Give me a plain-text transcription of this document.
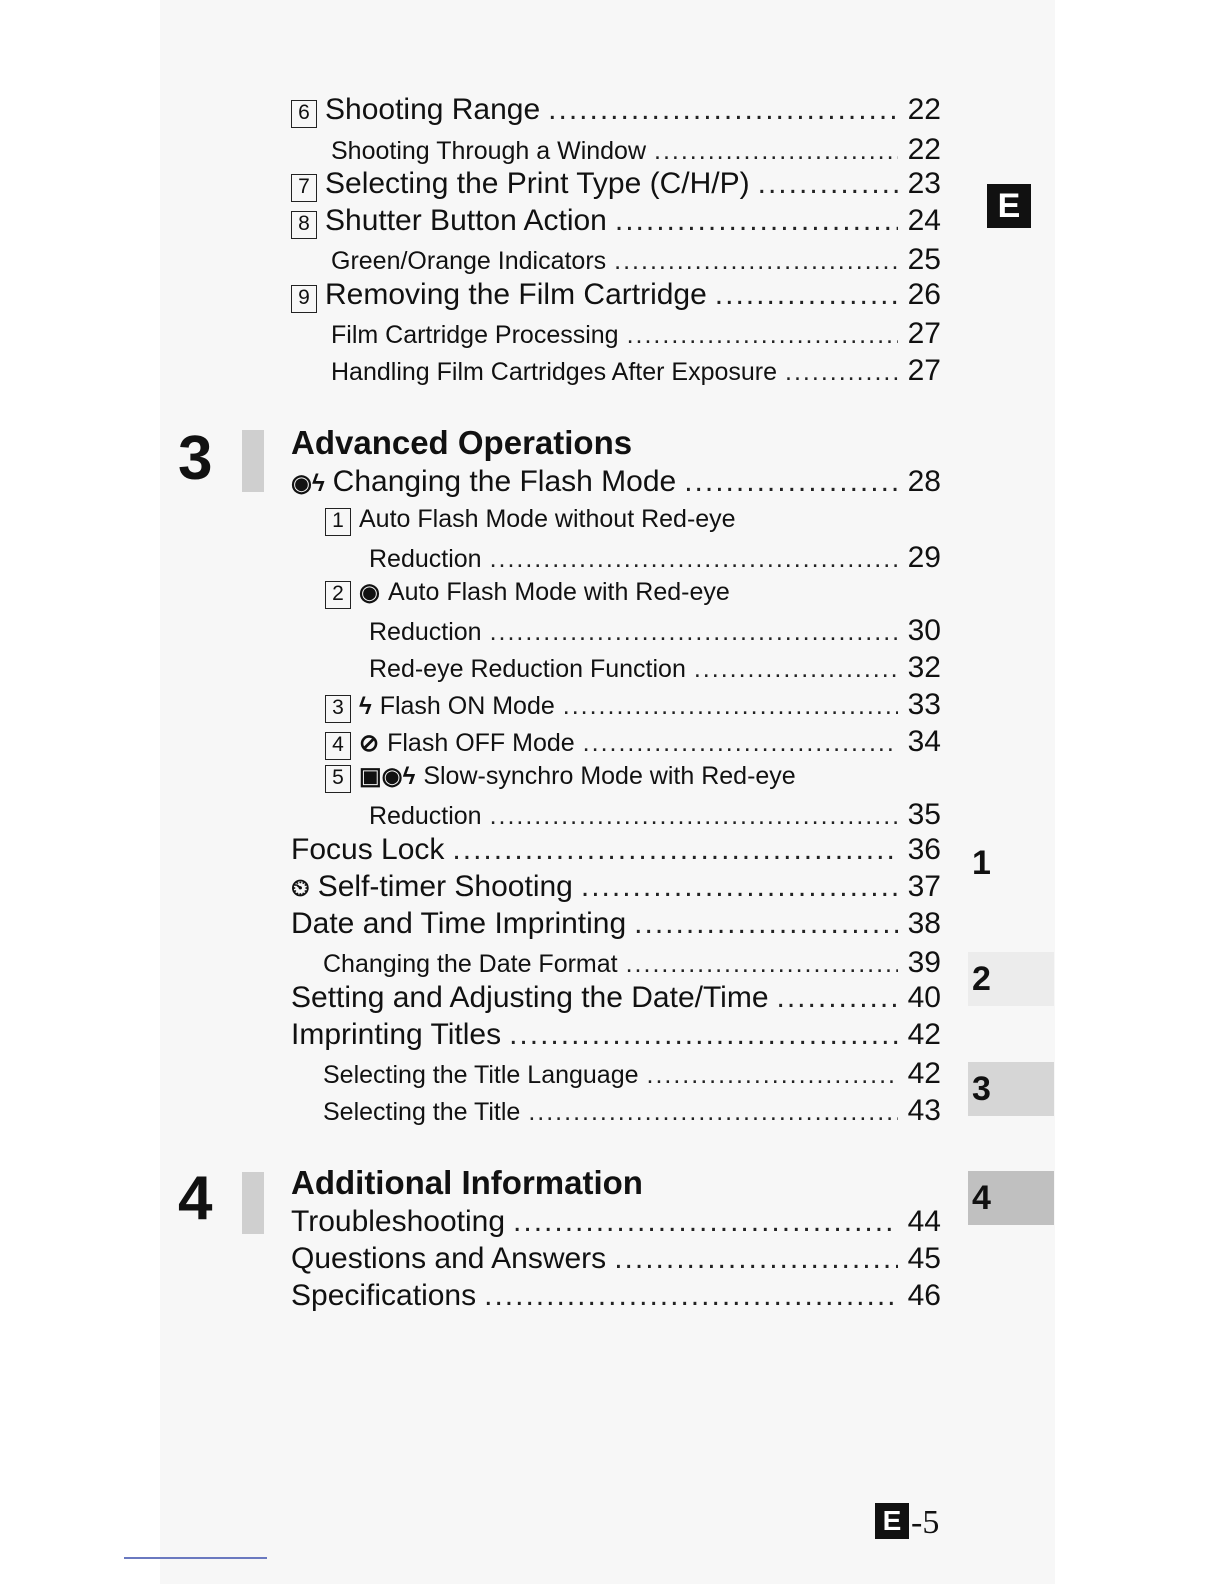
6 Shooting Range .....	22
Shooting Through a Window .....	22
7 Selecting the Print Type (C/H/P) .....	23
8 Shutter Button Action .....	24
Green/Orange Indicators .....	25
9 Removing the Film Cartridge .....	26
Film Cartridge Processing .....	27
Handling Film Cartridges After Exposure .....	27
3 Advanced Operations
◉ϟ Changing the Flash Mode .....	28
1 Auto Flash Mode without Red-eye
Reduction .....	29
2 ◉ Auto Flash Mode with Red-eye
Reduction .....	30
Red-eye Reduction Function .....	32
3 ϟ Flash ON Mode .....	33
4 ⊘ Flash OFF Mode .....	34
5 ▣◉ϟ Slow-synchro Mode with Red-eye
Reduction .....	35
Focus Lock .....	36
⏲ Self-timer Shooting .....	37
Date and Time Imprinting .....	38
Changing the Date Format .....	39
Setting and Adjusting the Date/Time .....	40
Imprinting Titles .....	42
Selecting the Title Language .....	42
Selecting the Title .....	43
4 Additional Information
Troubleshooting .....	44
Questions and Answers .....	45
Specifications .....	46
E
1
2
3
4
E -5
